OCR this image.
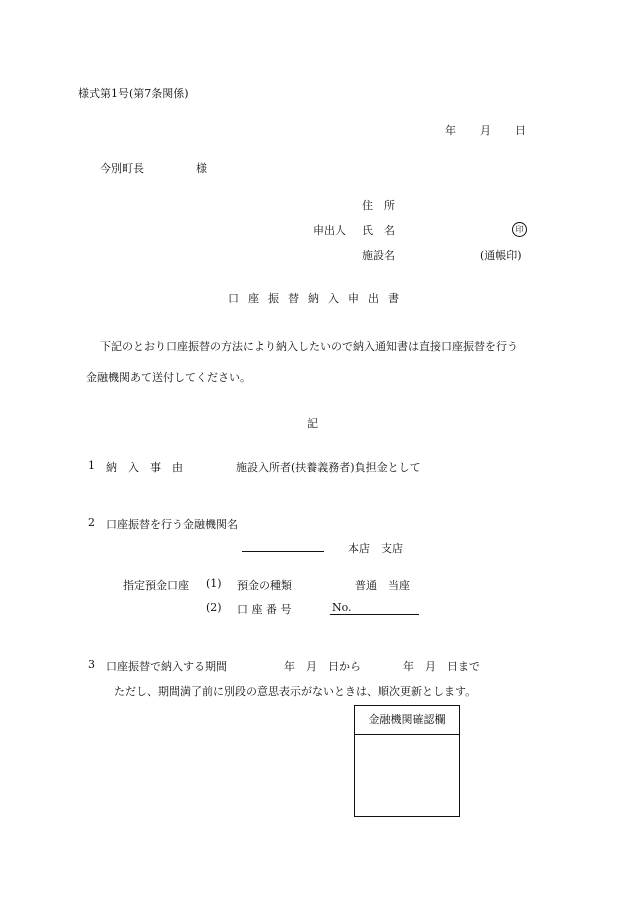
様式第1号(第7条関係)
年 月 日
今別町長	様
住　所
申出人 氏　名	印
施設名	(通帳印)
口座振替納入申出書
下記のとおり口座振替の方法により納入したいので納入通知書は直接口座振替を行う
金融機関あて送付してください。
記
1 納　入　事　由	施設入所者(扶養義務者)負担金として
2 口座振替を行う金融機関名
本店　支店
指定預金口座 (1) 預金の種類	普通　当座
(2) 口 座 番 号	No.
3 口座振替で納入する期間	年　月　日から	年　月　日まで
ただし、期間満了前に別段の意思表示がないときは、順次更新とします。
金融機関確認欄
